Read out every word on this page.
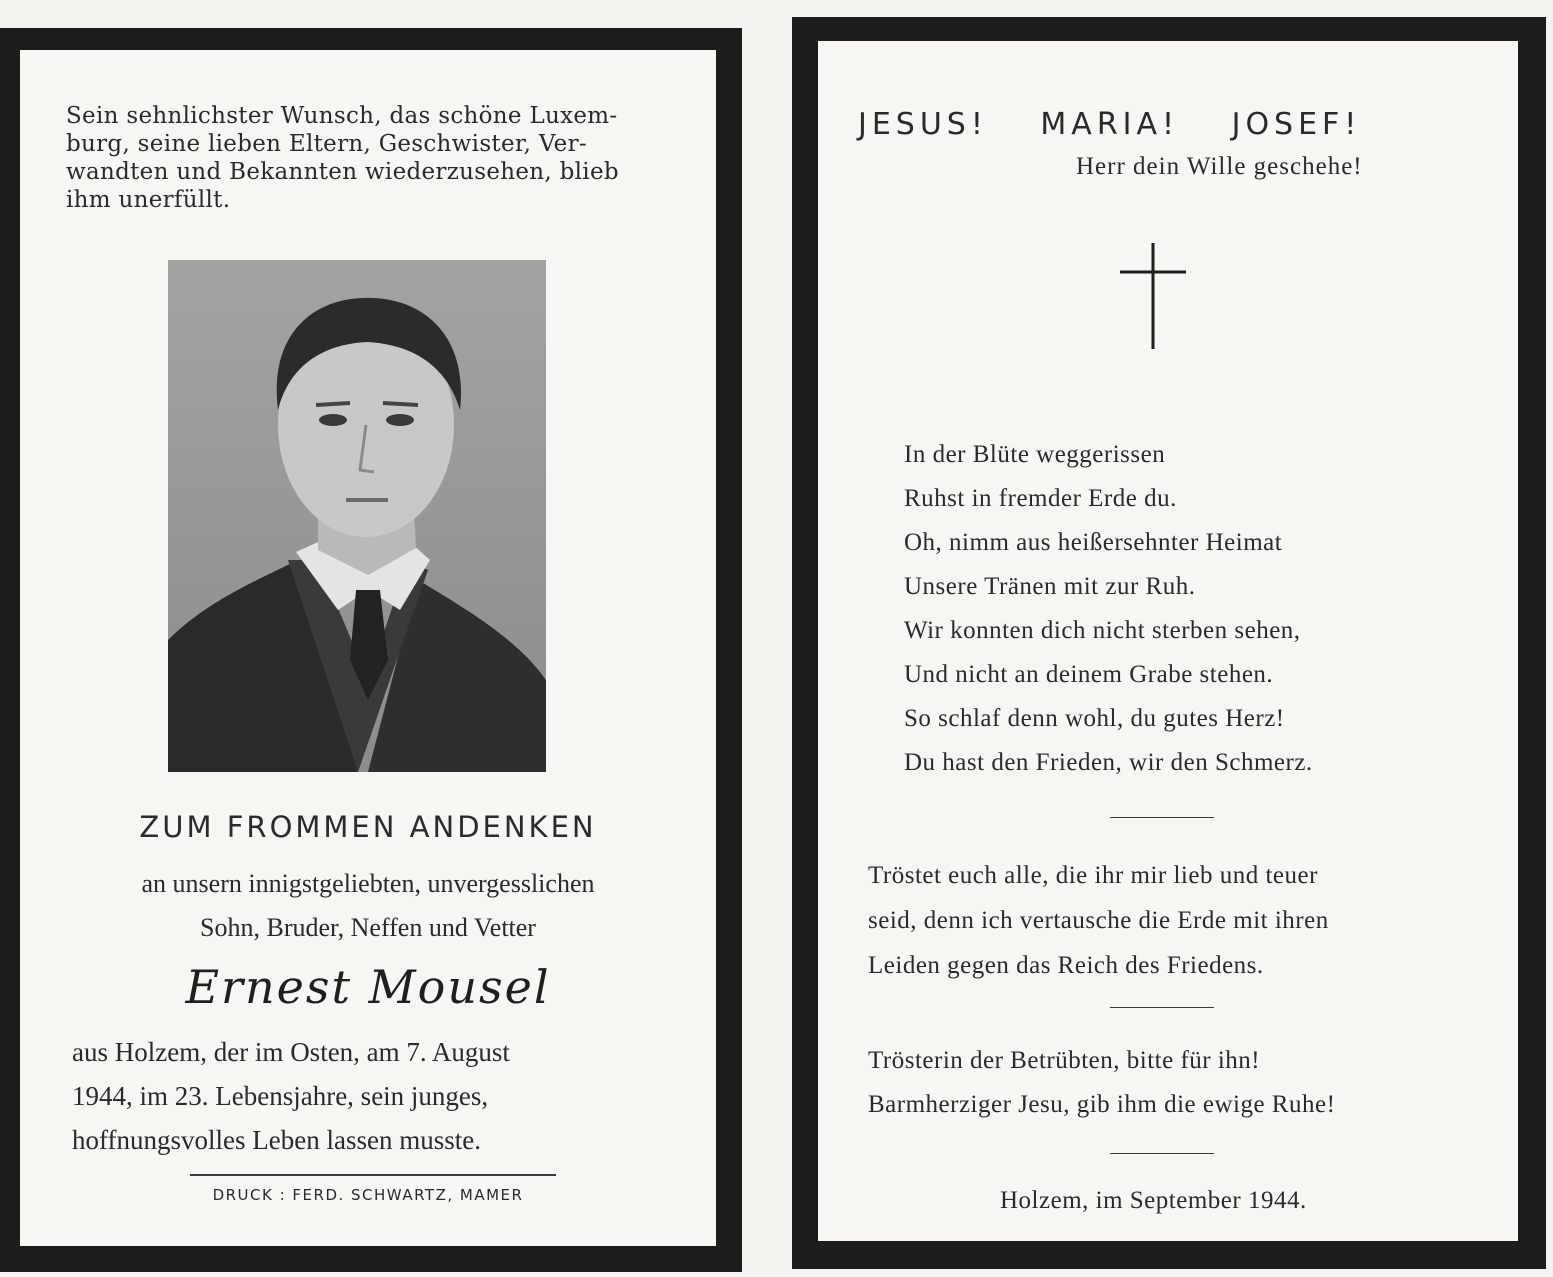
Sein sehnlichster Wunsch, das schöne Luxem-
burg, seine lieben Eltern, Geschwister, Ver-
wandten und Bekannten wiederzusehen, blieb
ihm unerfüllt.
ZUM FROMMEN ANDENKEN
an unsern innigstgeliebten, unvergesslichen
Sohn, Bruder, Neffen und Vetter
Ernest Mousel
aus Holzem, der im Osten, am 7. August
1944, im 23. Lebensjahre, sein junges,
hoffnungsvolles Leben lassen musste.
DRUCK : FERD. SCHWARTZ, MAMER
JESUS! MARIA! JOSEF!
Herr dein Wille geschehe!
In der Blüte weggerissen
Ruhst in fremder Erde du.
Oh, nimm aus heißersehnter Heimat
Unsere Tränen mit zur Ruh.
Wir konnten dich nicht sterben sehen,
Und nicht an deinem Grabe stehen.
So schlaf denn wohl, du gutes Herz!
Du hast den Frieden, wir den Schmerz.
Tröstet euch alle, die ihr mir lieb und teuer
seid, denn ich vertausche die Erde mit ihren
Leiden gegen das Reich des Friedens.
Trösterin der Betrübten, bitte für ihn!
Barmherziger Jesu, gib ihm die ewige Ruhe!
Holzem, im September 1944.
